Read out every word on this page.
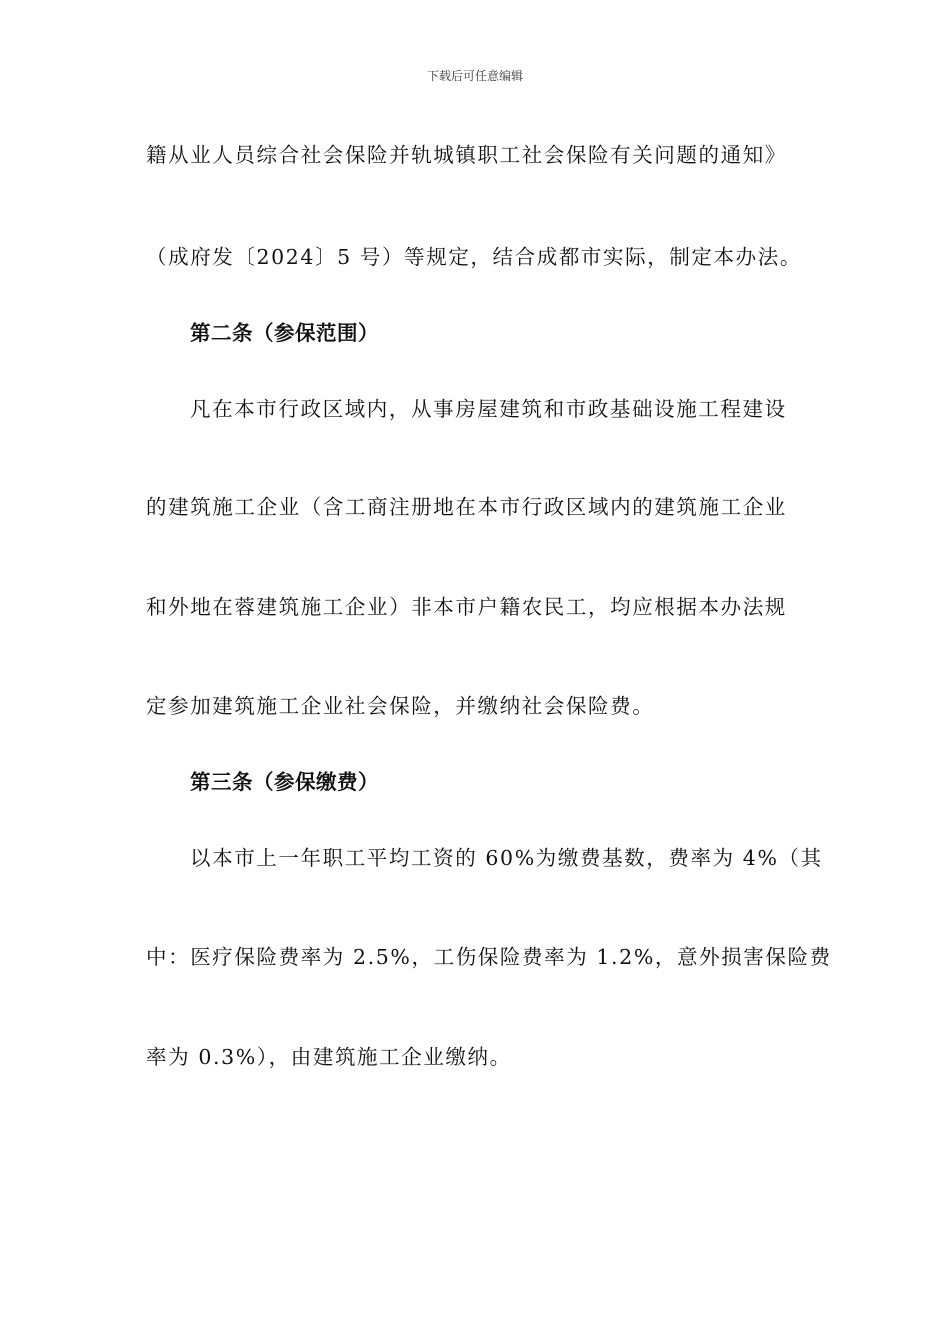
下载后可任意编辑
籍从业人员综合社会保险并轨城镇职工社会保险有关问题的通知》
（成府发〔2024〕5 号）等规定，结合成都市实际，制定本办法。
第二条（参保范围）
凡在本市行政区域内，从事房屋建筑和市政基础设施工程建设
的建筑施工企业（含工商注册地在本市行政区域内的建筑施工企业
和外地在蓉建筑施工企业）非本市户籍农民工，均应根据本办法规
定参加建筑施工企业社会保险，并缴纳社会保险费。
第三条（参保缴费）
以本市上一年职工平均工资的 60%为缴费基数，费率为 4%（其
中：医疗保险费率为 2.5%，工伤保险费率为 1.2%，意外损害保险费
率为 0.3%），由建筑施工企业缴纳。
